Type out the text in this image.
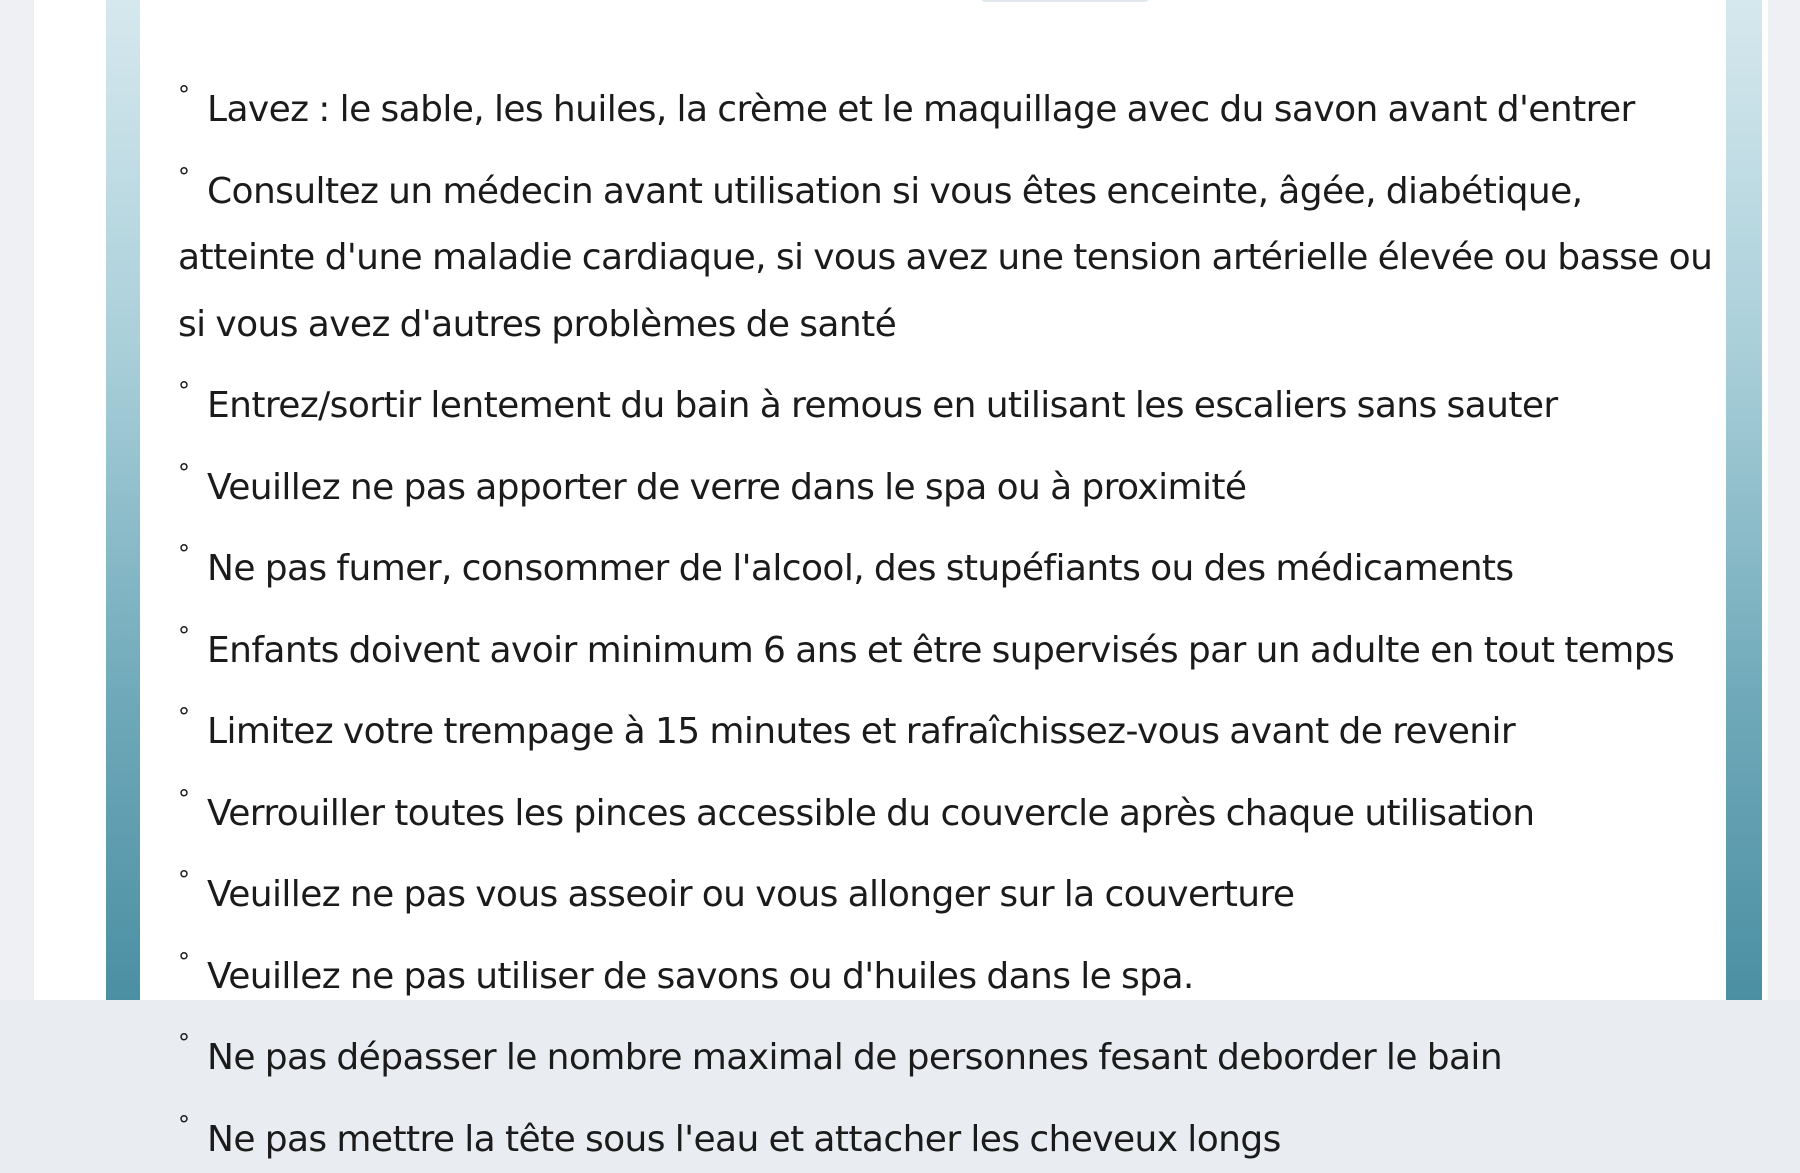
° Lavez : le sable, les huiles, la crème et le maquillage avec du savon avant d'entrer
° Consultez un médecin avant utilisation si vous êtes enceinte, âgée, diabétique, atteinte d'une maladie cardiaque, si vous avez une tension artérielle élevée ou basse ou si vous avez d'autres problèmes de santé
° Entrez/sortir lentement du bain à remous en utilisant les escaliers sans sauter
° Veuillez ne pas apporter de verre dans le spa ou à proximité
° Ne pas fumer, consommer de l'alcool, des stupéfiants ou des médicaments
° Enfants doivent avoir minimum 6 ans et être supervisés par un adulte en tout temps
° Limitez votre trempage à 15 minutes et rafraîchissez-vous avant de revenir
° Verrouiller toutes les pinces accessible du couvercle après chaque utilisation
° Veuillez ne pas vous asseoir ou vous allonger sur la couverture
° Veuillez ne pas utiliser de savons ou d'huiles dans le spa.
° Ne pas dépasser le nombre maximal de personnes fesant deborder le bain
° Ne pas mettre la tête sous l'eau et attacher les cheveux longs
